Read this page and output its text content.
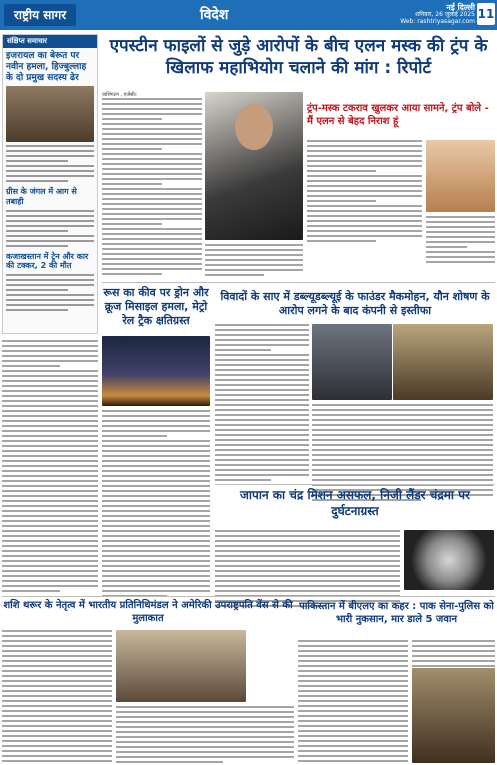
राष्ट्रीय सागर	विदेश	नई दिल्ली
शनिवार, 26 जुलाई 2025
Web: rashtriyasagar.com
11
संक्षिप्त समाचार
इजरायल का बेरूत पर नवीन हमला, हिज्बुल्लाह के दो प्रमुख सदस्य ढेर
ग्रीस के जंगल में आग से तबाही
कजाखस्तान में ट्रेन और कार की टक्कर, 2 की मौत
एपस्टीन फाइलों से जुड़े आरोपों के बीच एलन मस्क की ट्रंप के खिलाफ महाभियोग चलाने की मांग : रिपोर्ट
वाशिंगटन , एजेंसी।
ट्रंप-मस्क टकराव खुलकर आया सामने, ट्रंप बोले - मैं एलन से बेहद निराश हूं
रूस का कीव पर ड्रोन और क्रूज मिसाइल हमला, मेट्रो रेल ट्रैक क्षतिग्रस्त
विवादों के साए में डब्ल्यूडब्ल्यूई के फाउंडर मैकमोहन, यौन शोषण के आरोप लगने के बाद कंपनी से इस्तीफा
जापान का चंद्र मिशन असफल, निजी लैंडर चंद्रमा पर दुर्घटनाग्रस्त
शशि थरूर के नेतृत्व में भारतीय प्रतिनिधिमंडल ने अमेरिकी उपराष्ट्रपति वेंस से की मुलाकात
पाकिस्तान में बीएलए का कहर : पाक सेना-पुलिस को भारी नुकसान, मार डाले 5 जवान
